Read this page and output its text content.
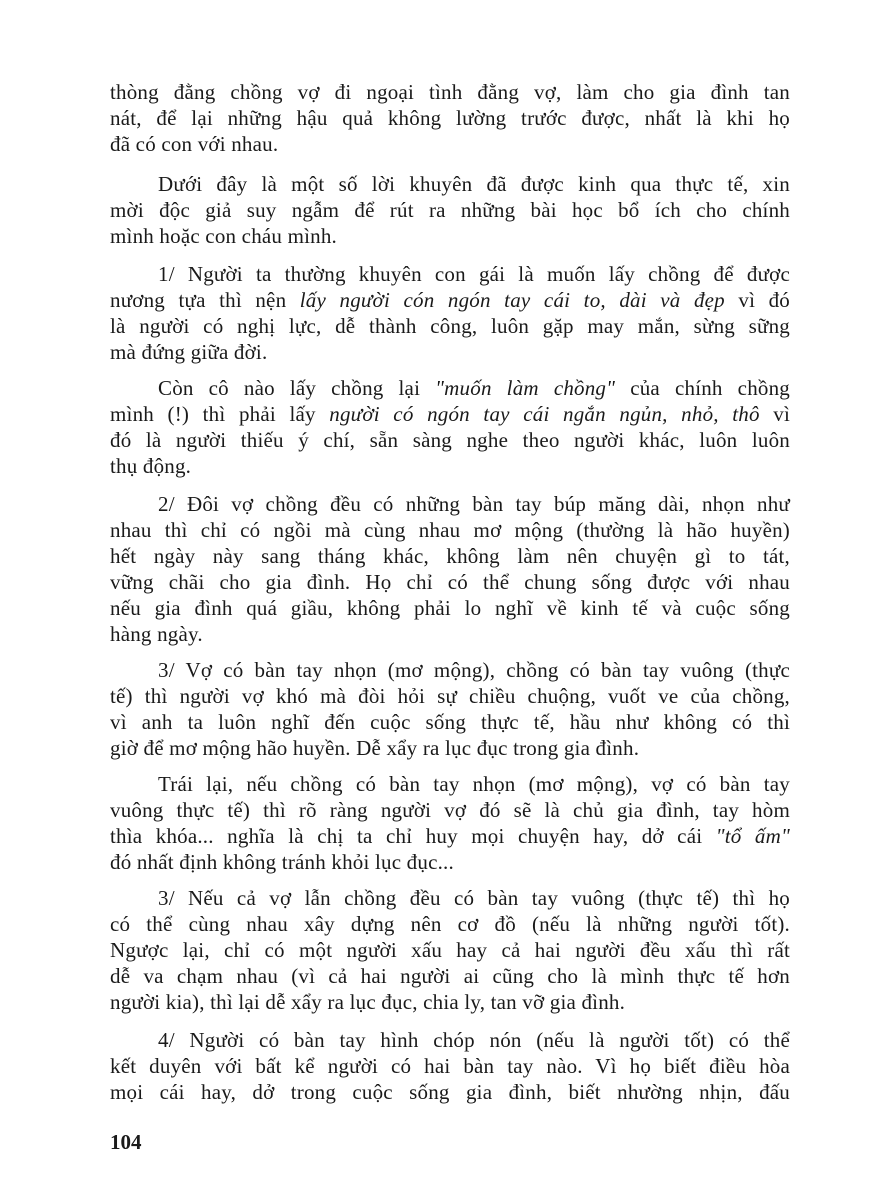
thòng đằng chồng vợ đi ngoại tình đằng vợ, làm cho gia đình tan
nát, để lại những hậu quả không lường trước được, nhất là khi họ
đã có con với nhau.
Dưới đây là một số lời khuyên đã được kinh qua thực tế, xin
mời độc giả suy ngẫm để rút ra những bài học bổ ích cho chính
mình hoặc con cháu mình.
1/ Người ta thường khuyên con gái là muốn lấy chồng để được
nương tựa thì nện lấy người cón ngón tay cái to, dài và đẹp vì đó
là người có nghị lực, dễ thành công, luôn gặp may mắn, sừng sững
mà đứng giữa đời.
Còn cô nào lấy chồng lại "muốn làm chồng" của chính chồng
mình (!) thì phải lấy người có ngón tay cái ngắn ngủn, nhỏ, thô vì
đó là người thiếu ý chí, sẵn sàng nghe theo người khác, luôn luôn
thụ động.
2/ Đôi vợ chồng đều có những bàn tay búp măng dài, nhọn như
nhau thì chỉ có ngồi mà cùng nhau mơ mộng (thường là hão huyền)
hết ngày này sang tháng khác, không làm nên chuyện gì to tát,
vững chãi cho gia đình. Họ chỉ có thể chung sống được với nhau
nếu gia đình quá giầu, không phải lo nghĩ về kinh tế và cuộc sống
hàng ngày.
3/ Vợ có bàn tay nhọn (mơ mộng), chồng có bàn tay vuông (thực
tế) thì người vợ khó mà đòi hỏi sự chiều chuộng, vuốt ve của chồng,
vì anh ta luôn nghĩ đến cuộc sống thực tế, hầu như không có thì
giờ để mơ mộng hão huyền. Dễ xẩy ra lục đục trong gia đình.
Trái lại, nếu chồng có bàn tay nhọn (mơ mộng), vợ có bàn tay
vuông thực tế) thì rõ ràng người vợ đó sẽ là chủ gia đình, tay hòm
thìa khóa... nghĩa là chị ta chỉ huy mọi chuyện hay, dở cái "tổ ấm"
đó nhất định không tránh khỏi lục đục...
3/ Nếu cả vợ lẫn chồng đều có bàn tay vuông (thực tế) thì họ
có thể cùng nhau xây dựng nên cơ đồ (nếu là những người tốt).
Ngược lại, chỉ có một người xấu hay cả hai người đều xấu thì rất
dễ va chạm nhau (vì cả hai người ai cũng cho là mình thực tế hơn
người kia), thì lại dễ xẩy ra lục đục, chia ly, tan vỡ gia đình.
4/ Người có bàn tay hình chóp nón (nếu là người tốt) có thể
kết duyên với bất kể người có hai bàn tay nào. Vì họ biết điều hòa
mọi cái hay, dở trong cuộc sống gia đình, biết nhường nhịn, đấu
104
